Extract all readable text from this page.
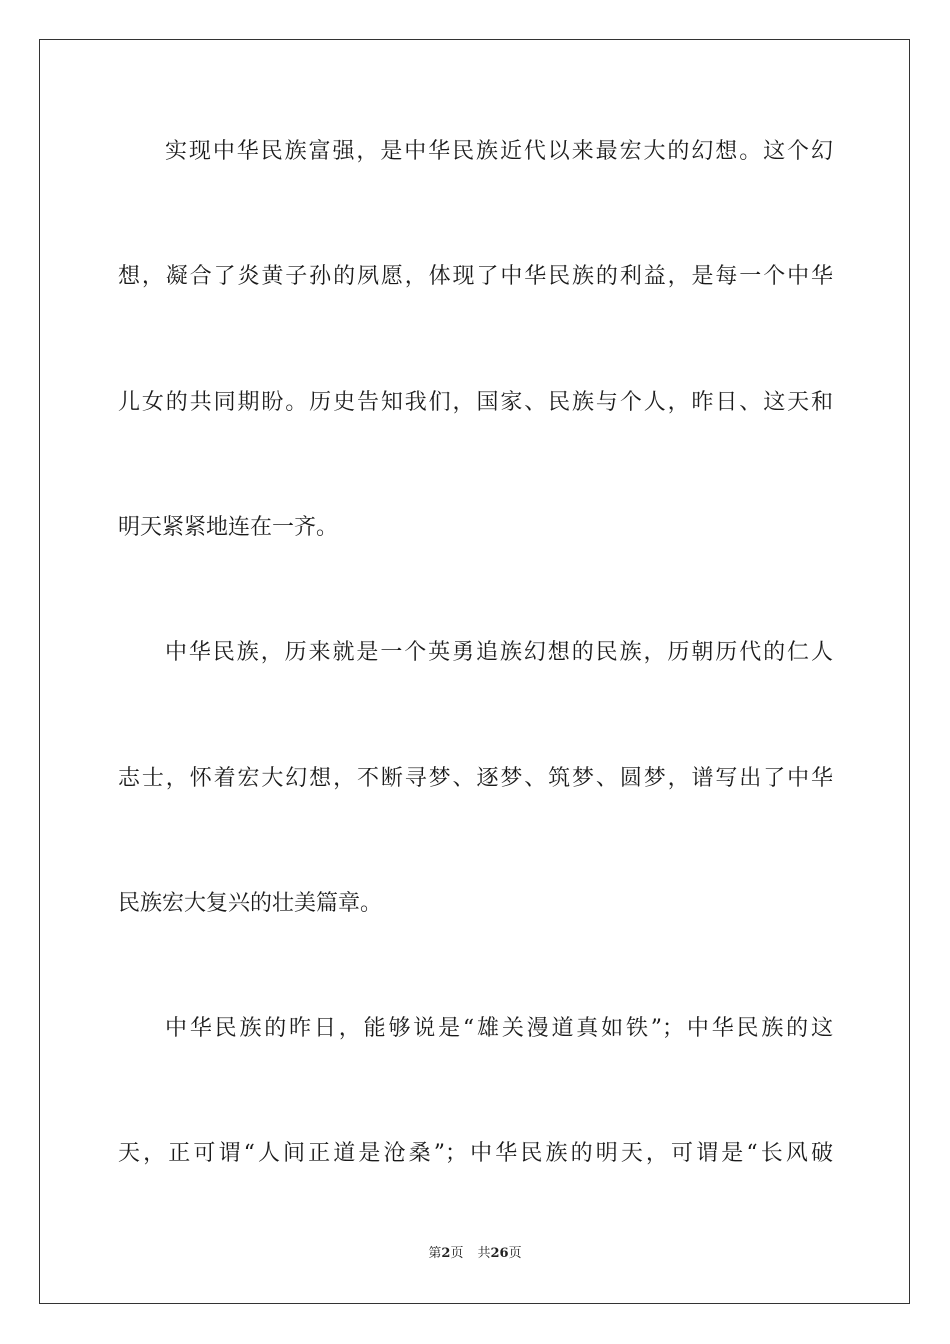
实现中华民族富强，是中华民族近代以来最宏大的幻想。这个幻
想，凝合了炎黄子孙的夙愿，体现了中华民族的利益，是每一个中华
儿女的共同期盼。历史告知我们，国家、民族与个人，昨日、这天和
明天紧紧地连在一齐。
中华民族，历来就是一个英勇追族幻想的民族，历朝历代的仁人
志士，怀着宏大幻想，不断寻梦、逐梦、筑梦、圆梦，谱写出了中华
民族宏大复兴的壮美篇章。
中华民族的昨日，能够说是“雄关漫道真如铁”；中华民族的这
天，正可谓“人间正道是沧桑”；中华民族的明天，可谓是“长风破
第2页 共26页
